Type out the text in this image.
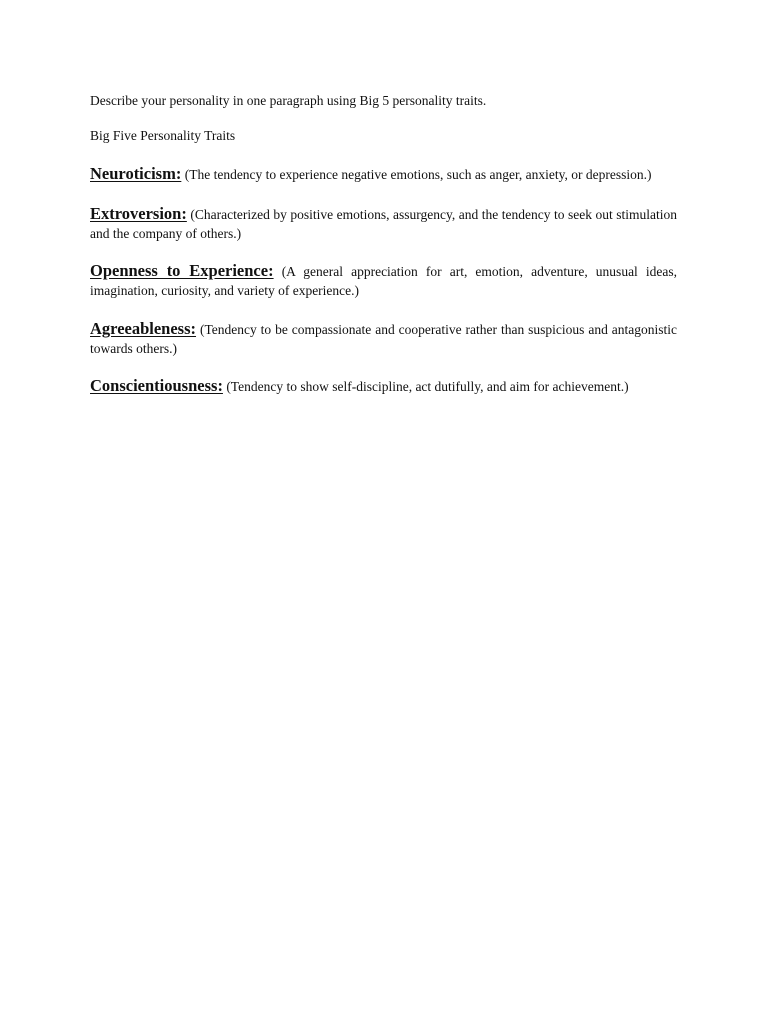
Describe your personality in one paragraph using Big 5 personality traits.

Big Five Personality Traits

Neuroticism: (The tendency to experience negative emotions, such as anger, anxiety, or depression.)

Extroversion: (Characterized by positive emotions, assurgency, and the tendency to seek out stimulation and the company of others.)

Openness to Experience: (A general appreciation for art, emotion, adventure, unusual ideas, imagination, curiosity, and variety of experience.)

Agreeableness: (Tendency to be compassionate and cooperative rather than suspicious and antagonistic towards others.)

Conscientiousness: (Tendency to show self-discipline, act dutifully, and aim for achievement.)
